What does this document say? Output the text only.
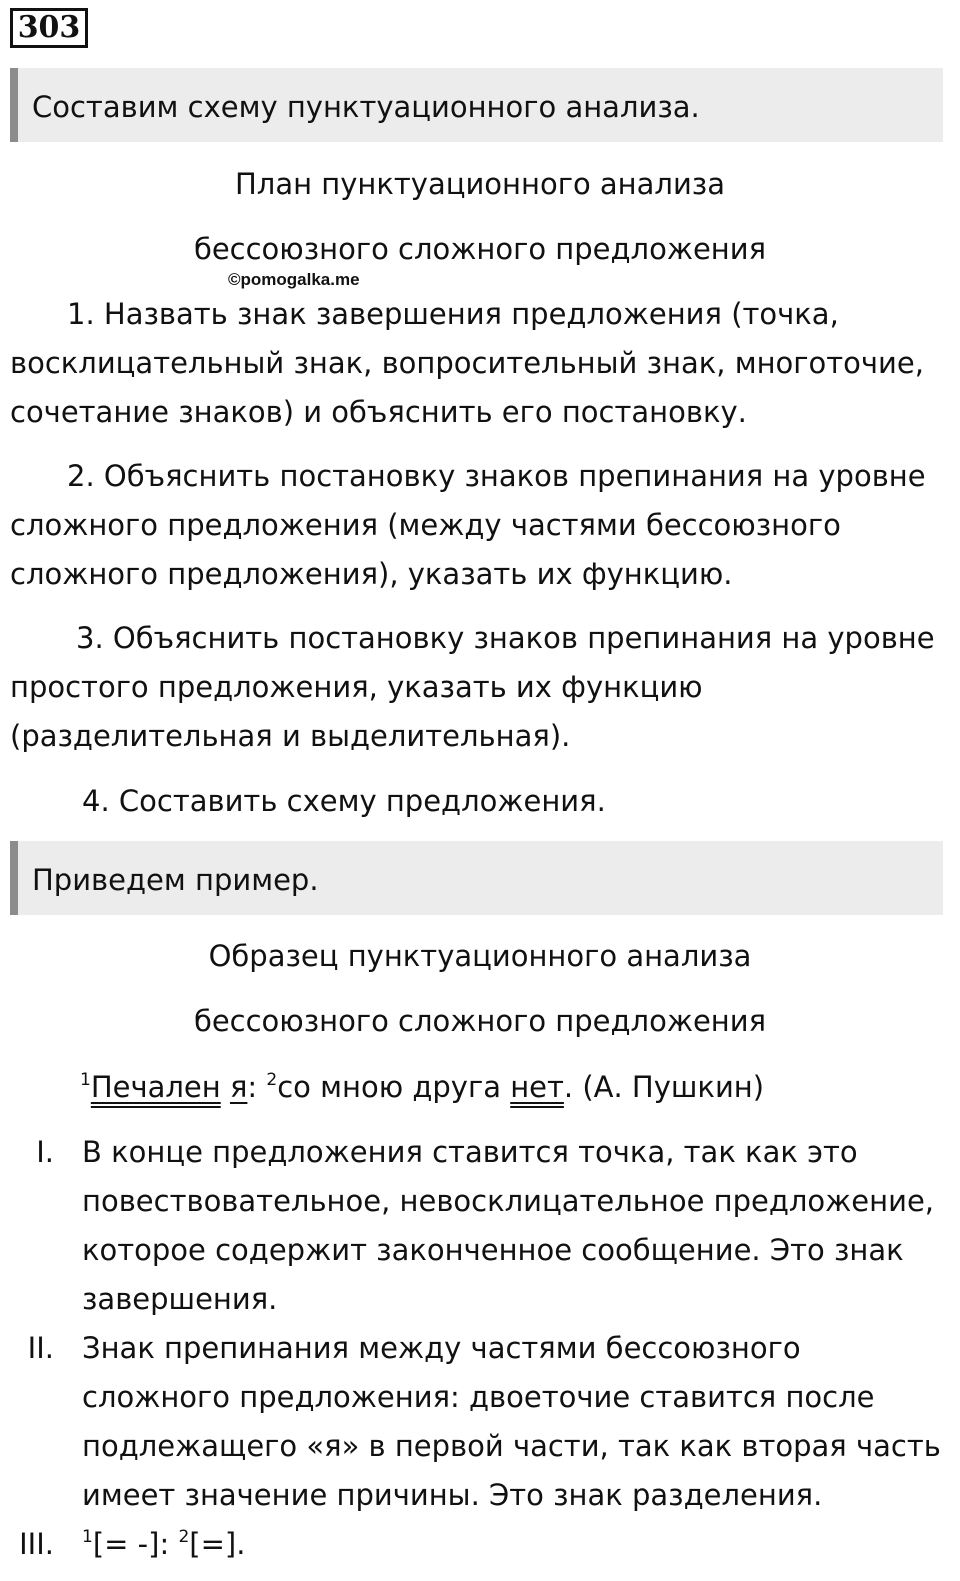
303
Составим схему пунктуационного анализа.
План пунктуационного анализа
бессоюзного сложного предложения
©pomogalka.me

1. Назвать знак завершения предложения (точка, восклицательный знак, вопросительный знак, многоточие, сочетание знаков) и объяснить его постановку.

2. Объяснить постановку знаков препинания на уровне сложного предложения (между частями бессоюзного сложного предложения), указать их функцию.

3. Объяснить постановку знаков препинания на уровне простого предложения, указать их функцию (разделительная и выделительная).

4. Составить схему предложения.

Приведем пример.
Образец пунктуационного анализа
бессоюзного сложного предложения
$^1$Печален я: $^2$со мною друга нет. (А. Пушкин)
I. В конце предложения ставится точка, так как это повествовательное, невосклицательное предложение, которое содержит законченное сообщение. Это знак завершения.
II. Знак препинания между частями бессоюзного сложного предложения: двоеточие ставится после подлежащего «я» в первой части, так как вторая часть имеет значение причины. Это знак разделения.
III. $^1$[= -]: $^2$[=].
